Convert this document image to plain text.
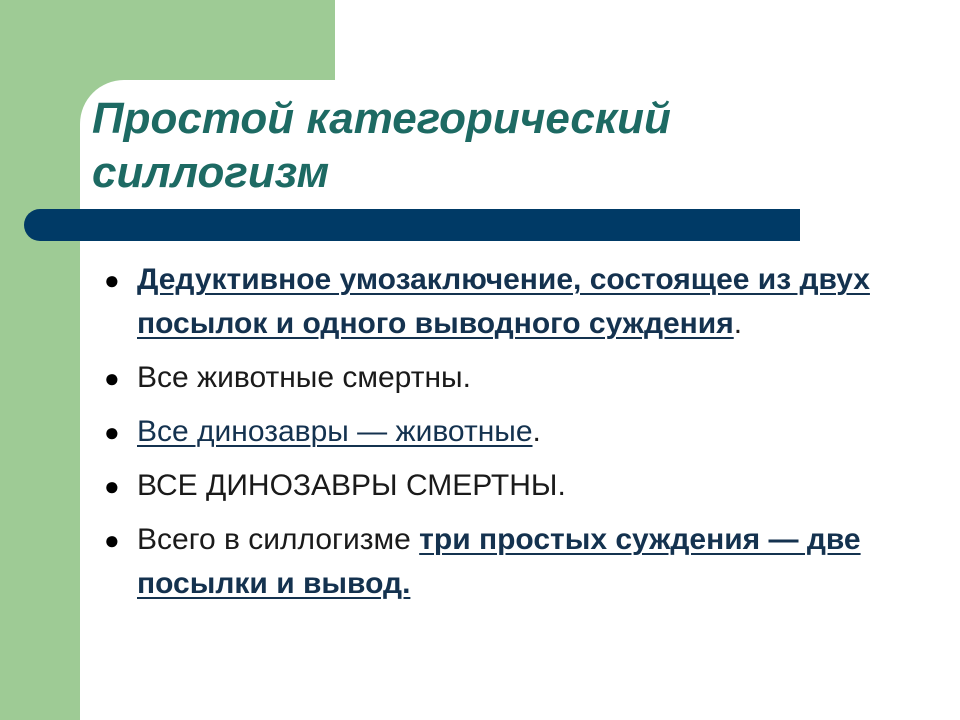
Простой категорический
силлогизм
● Дедуктивное умозаключение, состоящее из двух посылок и одного выводного суждения.
● Все животные смертны.
● Все динозавры — животные.
● ВСЕ ДИНОЗАВРЫ СМЕРТНЫ.
● Всего в силлогизме три простых суждения — две посылки и вывод.
